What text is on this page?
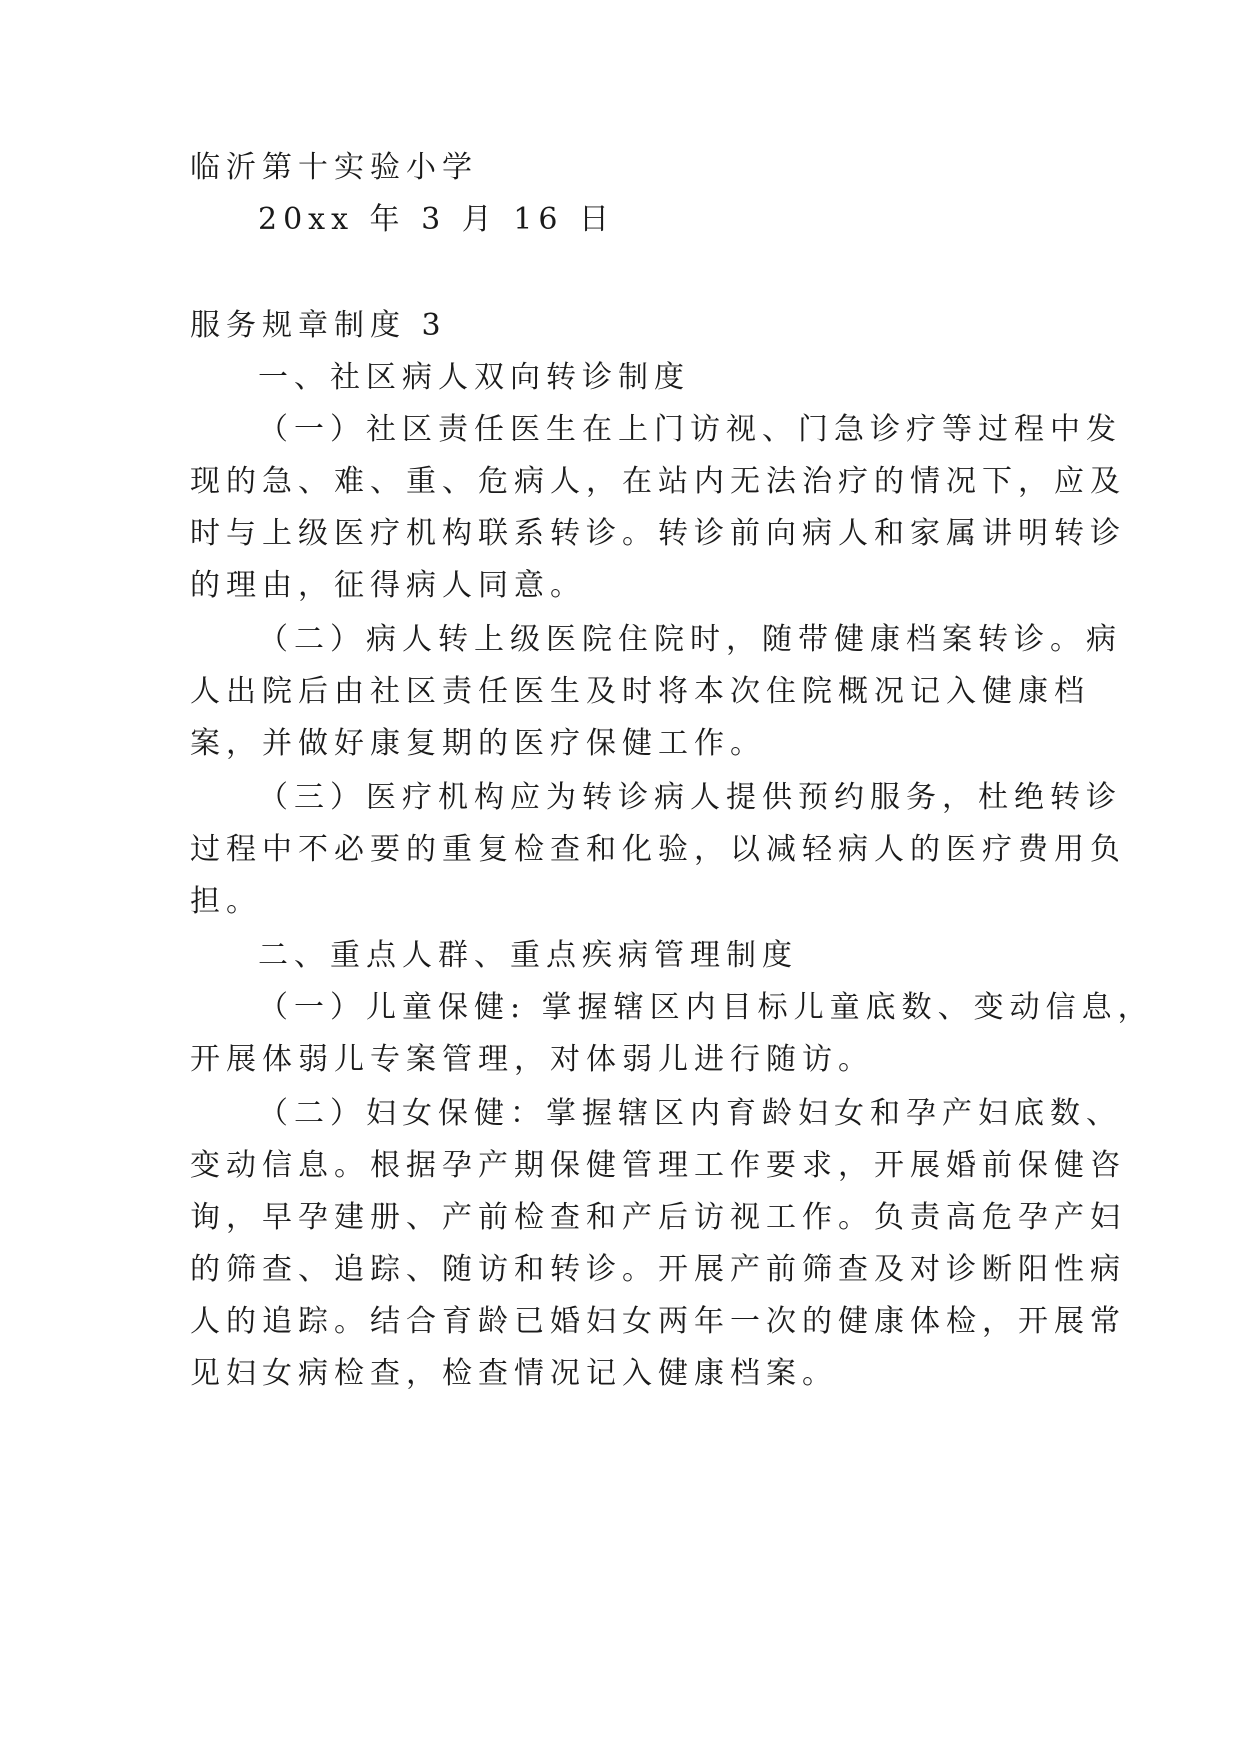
临沂第十实验小学
20xx 年 3 月 16 日
服务规章制度 3
一、社区病人双向转诊制度
（一）社区责任医生在上门访视、门急诊疗等过程中发
现的急、难、重、危病人，在站内无法治疗的情况下，应及
时与上级医疗机构联系转诊。转诊前向病人和家属讲明转诊
的理由，征得病人同意。
（二）病人转上级医院住院时，随带健康档案转诊。病
人出院后由社区责任医生及时将本次住院概况记入健康档
案，并做好康复期的医疗保健工作。
（三）医疗机构应为转诊病人提供预约服务，杜绝转诊
过程中不必要的重复检查和化验，以减轻病人的医疗费用负
担。
二、重点人群、重点疾病管理制度
（一）儿童保健: 掌握辖区内目标儿童底数、变动信息，
开展体弱儿专案管理，对体弱儿进行随访。
（二）妇女保健：掌握辖区内育龄妇女和孕产妇底数、
变动信息。根据孕产期保健管理工作要求，开展婚前保健咨
询，早孕建册、产前检查和产后访视工作。负责高危孕产妇
的筛查、追踪、随访和转诊。开展产前筛查及对诊断阳性病
人的追踪。结合育龄已婚妇女两年一次的健康体检，开展常
见妇女病检查，检查情况记入健康档案。
